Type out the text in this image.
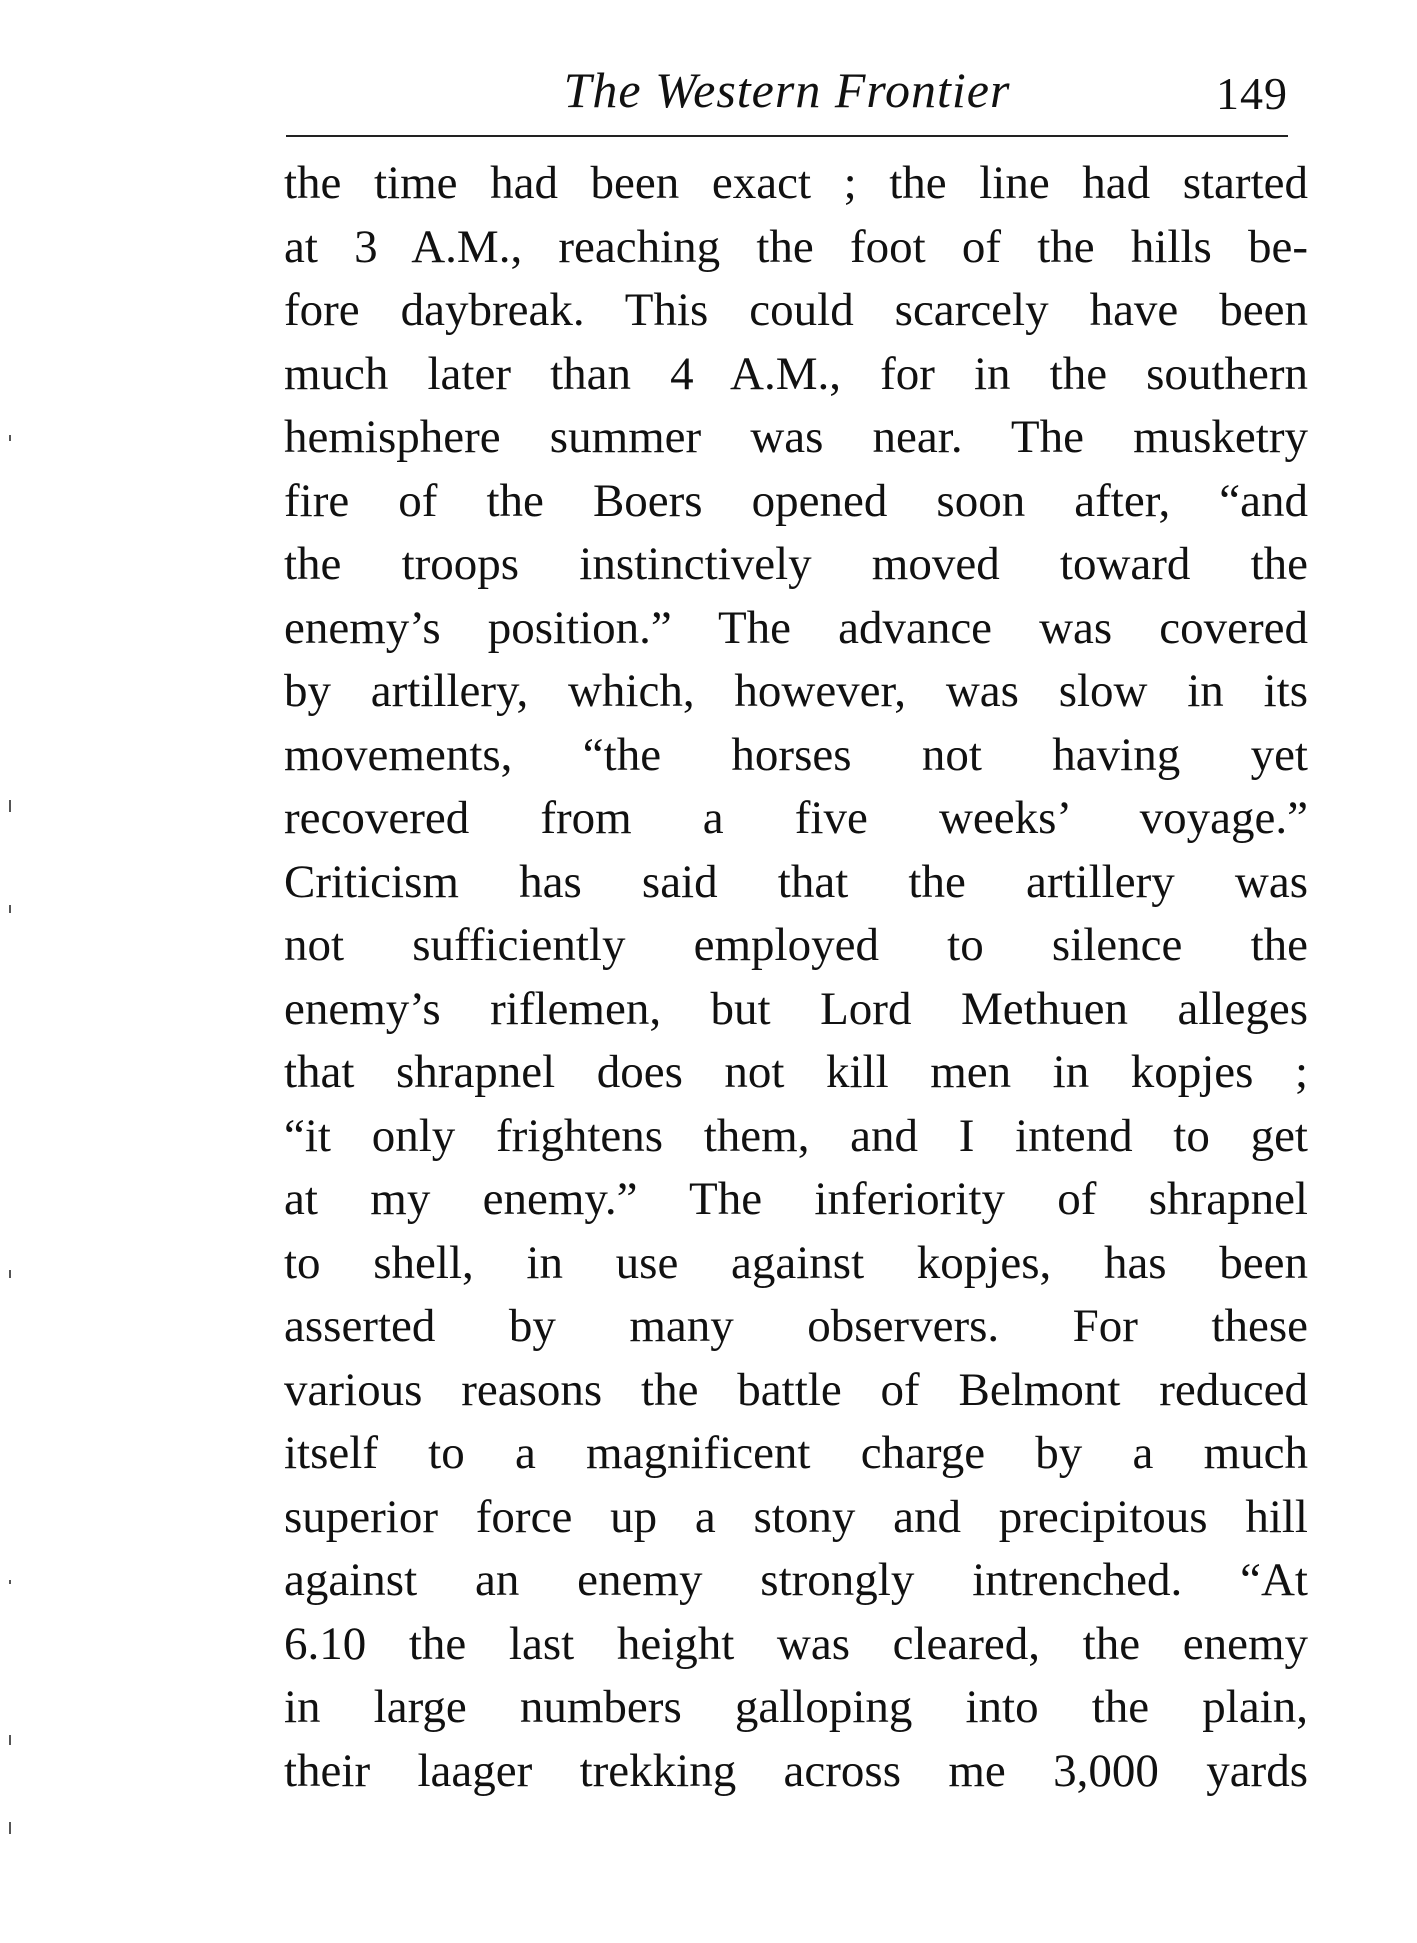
The Western Frontier	149
the time had been exact ; the line had started
at 3 A.M., reaching the foot of the hills be-
fore daybreak. This could scarcely have been
much later than 4 A.M., for in the southern
hemisphere summer was near. The musketry
fire of the Boers opened soon after, “and
the troops instinctively moved toward the
enemy’s position.” The advance was covered
by artillery, which, however, was slow in its
movements, “the horses not having yet
recovered from a five weeks’ voyage.”
Criticism has said that the artillery was
not sufficiently employed to silence the
enemy’s riflemen, but Lord Methuen alleges
that shrapnel does not kill men in kopjes ;
“it only frightens them, and I intend to get
at my enemy.” The inferiority of shrapnel
to shell, in use against kopjes, has been
asserted by many observers. For these
various reasons the battle of Belmont reduced
itself to a magnificent charge by a much
superior force up a stony and precipitous hill
against an enemy strongly intrenched. “At
6.10 the last height was cleared, the enemy
in large numbers galloping into the plain,
their laager trekking across me 3,000 yards
